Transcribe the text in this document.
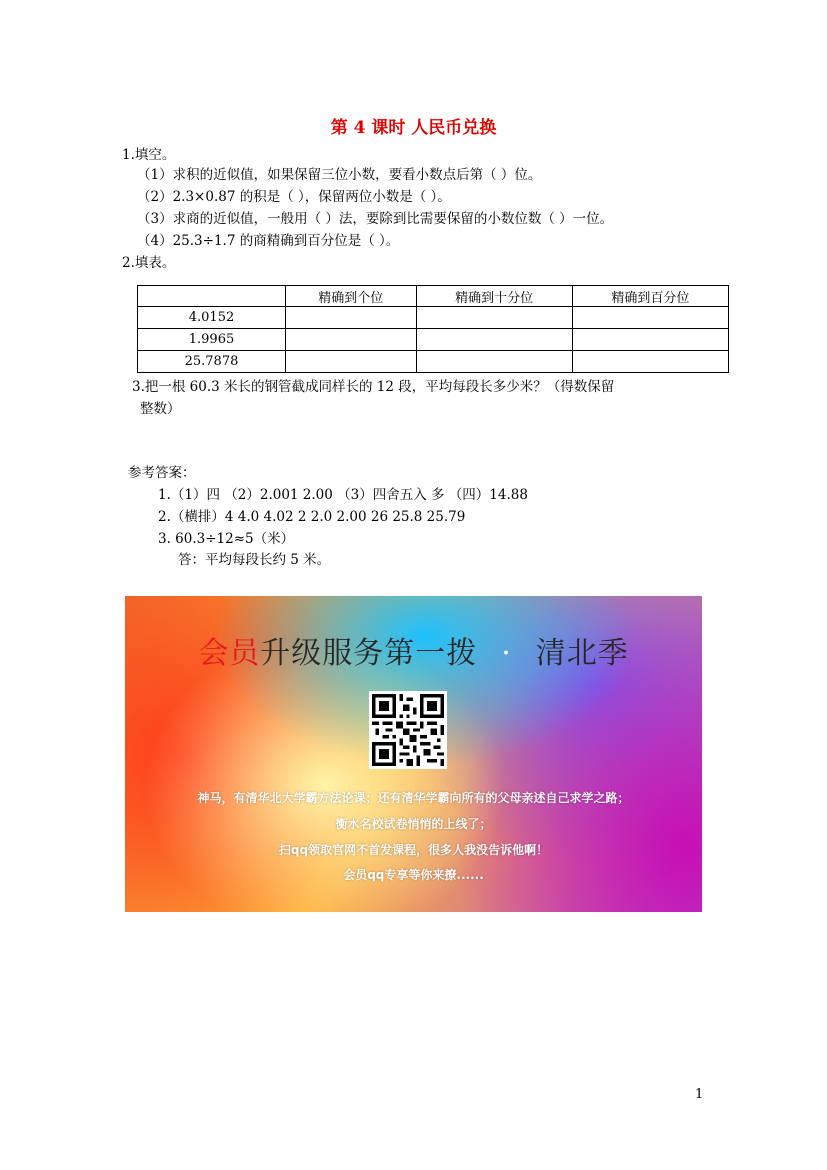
第 4 课时 人民币兑换
1.填空。
（1）求积的近似值，如果保留三位小数，要看小数点后第（ ）位。
（2）2.3×0.87 的积是（ ），保留两位小数是（ ）。
（3）求商的近似值，一般用（ ）法，要除到比需要保留的小数位数（ ）一位。
（4）25.3÷1.7 的商精确到百分位是（ ）。
2.填表。
	精确到个位	精确到十分位	精确到百分位
4.0152			
1.9965			
25.7878			
3.把一根 60.3 米长的钢管截成同样长的 12 段，平均每段长多少米？（得数保留
整数）
参考答案：
1.（1）四 （2）2.001 2.00 （3）四舍五入 多 （四）14.88
2.（横排）4 4.0 4.02 2 2.0 2.00 26 25.8 25.79
3. 60.3÷12≈5（米）
答：平均每段长约 5 米。
会员升级服务第一拨 · 清北季
神马，有清华北大学霸方法论课；还有清华学霸向所有的父母亲述自己求学之路；
衡水名校试卷悄悄的上线了；
扫qq领取官网不首发课程，很多人我没告诉他啊！
会员qq专享等你来撩......
1
